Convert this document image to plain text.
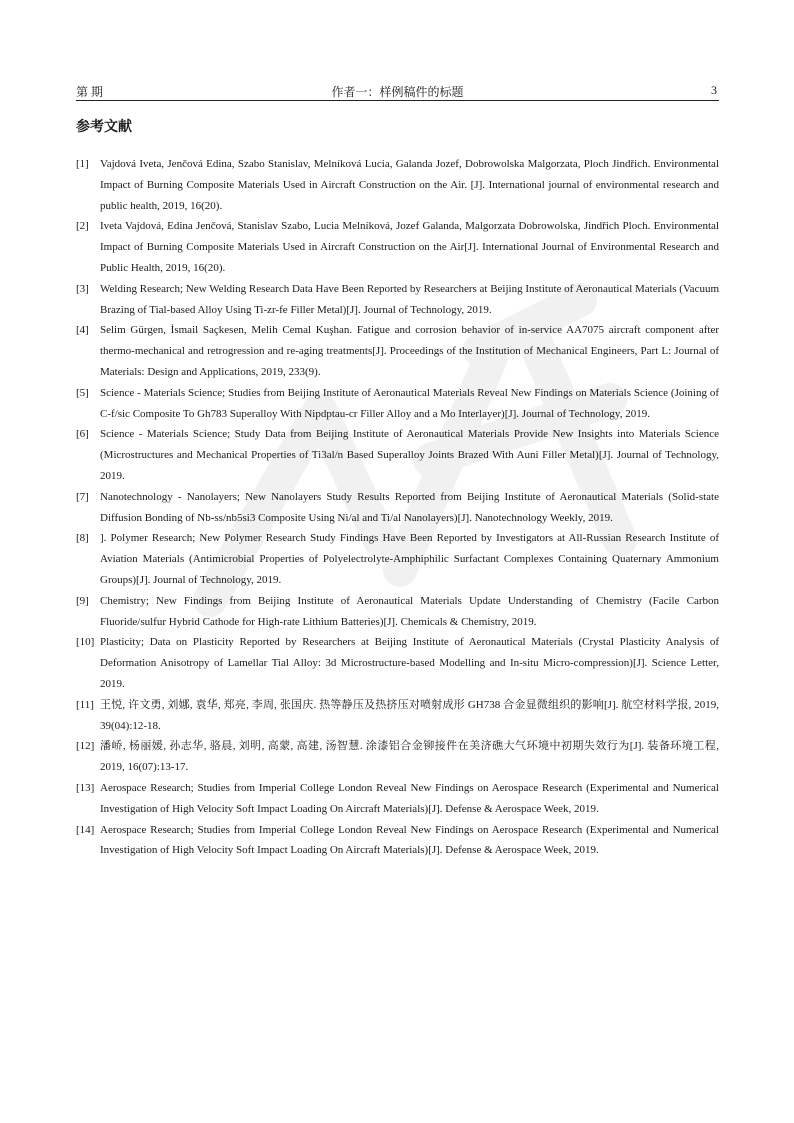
第 期	作者一：样例稿件的标题	3
参考文献
[1]	Vajdová Iveta, Jenčová Edina, Szabo Stanislav, Melníková Lucia, Galanda Jozef, Dobrowolska Malgorzata, Ploch Jindřich. Environmental Impact of Burning Composite Materials Used in Aircraft Construction on the Air. [J]. International journal of environmental research and public health, 2019, 16(20).
[2]	Iveta Vajdová, Edina Jenčová, Stanislav Szabo, Lucia Melníková, Jozef Galanda, Malgorzata Dobrowolska, Jindřich Ploch. Environmental Impact of Burning Composite Materials Used in Aircraft Construction on the Air[J]. International Journal of Environmental Research and Public Health, 2019, 16(20).
[3]	Welding Research; New Welding Research Data Have Been Reported by Researchers at Beijing Institute of Aeronautical Materials (Vacuum Brazing of Tial-based Alloy Using Ti-zr-fe Filler Metal)[J]. Journal of Technology, 2019.
[4]	Selim Gürgen, İsmail Saçkesen, Melih Cemal Kuşhan. Fatigue and corrosion behavior of in-service AA7075 aircraft component after thermo-mechanical and retrogression and re-aging treatments[J]. Proceedings of the Institution of Mechanical Engineers, Part L: Journal of Materials: Design and Applications, 2019, 233(9).
[5]	Science - Materials Science; Studies from Beijing Institute of Aeronautical Materials Reveal New Findings on Materials Science (Joining of C-f/sic Composite To Gh783 Superalloy With Nipdptau-cr Filler Alloy and a Mo Interlayer)[J]. Journal of Technology, 2019.
[6]	Science - Materials Science; Study Data from Beijing Institute of Aeronautical Materials Provide New Insights into Materials Science (Microstructures and Mechanical Properties of Ti3al/n Based Superalloy Joints Brazed With Auni Filler Metal)[J]. Journal of Technology, 2019.
[7]	Nanotechnology - Nanolayers; New Nanolayers Study Results Reported from Beijing Institute of Aeronautical Materials (Solid-state Diffusion Bonding of Nb-ss/nb5si3 Composite Using Ni/al and Ti/al Nanolayers)[J]. Nanotechnology Weekly, 2019.
[8]	]. Polymer Research; New Polymer Research Study Findings Have Been Reported by Investigators at All-Russian Research Institute of Aviation Materials (Antimicrobial Properties of Polyelectrolyte-Amphiphilic Surfactant Complexes Containing Quaternary Ammonium Groups)[J]. Journal of Technology, 2019.
[9]	Chemistry; New Findings from Beijing Institute of Aeronautical Materials Update Understanding of Chemistry (Facile Carbon Fluoride/sulfur Hybrid Cathode for High-rate Lithium Batteries)[J]. Chemicals & Chemistry, 2019.
[10] Plasticity; Data on Plasticity Reported by Researchers at Beijing Institute of Aeronautical Materials (Crystal Plasticity Analysis of Deformation Anisotropy of Lamellar Tial Alloy: 3d Microstructure-based Modelling and In-situ Micro-compression)[J]. Science Letter, 2019.
[11] 王悦, 许文勇, 刘娜, 袁华, 郑亮, 李周, 张国庆. 热等静压及热挤压对喷射成形 GH738 合金显微组织的影响[J]. 航空材料学报, 2019, 39(04):12-18.
[12] 潘峤, 杨丽媛, 孙志华, 骆晨, 刘明, 高蒙, 高建, 汤智慧. 涂漆铝合金铆接件在美济礁大气环境中初期失效行为[J]. 装备环境工程, 2019, 16(07):13-17.
[13] Aerospace Research; Studies from Imperial College London Reveal New Findings on Aerospace Research (Experimental and Numerical Investigation of High Velocity Soft Impact Loading On Aircraft Materials)[J]. Defense & Aerospace Week, 2019.
[14] Aerospace Research; Studies from Imperial College London Reveal New Findings on Aerospace Research (Experimental and Numerical Investigation of High Velocity Soft Impact Loading On Aircraft Materials)[J]. Defense & Aerospace Week, 2019.
